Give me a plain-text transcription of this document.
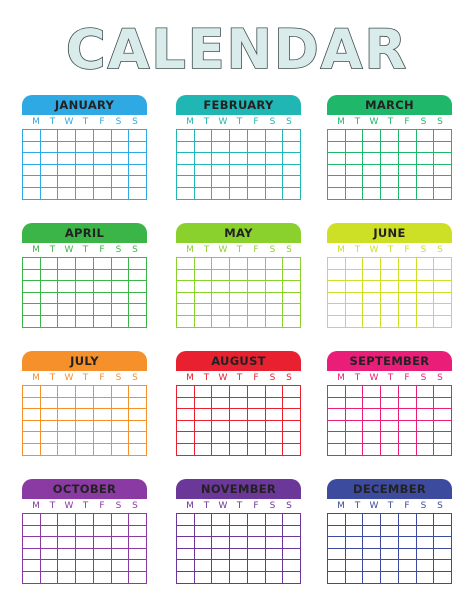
CALENDAR
JANUARY
M	T	W	T	F	S	S

FEBRUARY
M	T	W	T	F	S	S

MARCH
M	T	W	T	F	S	S

APRIL
M	T	W	T	F	S	S

MAY
M	T	W	T	F	S	S

JUNE
M	T	W	T	F	S	S

JULY
M	T	W	T	F	S	S

AUGUST
M	T	W	T	F	S	S

SEPTEMBER
M	T	W	T	F	S	S

OCTOBER
M	T	W	T	F	S	S

NOVEMBER
M	T	W	T	F	S	S

DECEMBER
M	T	W	T	F	S	S
